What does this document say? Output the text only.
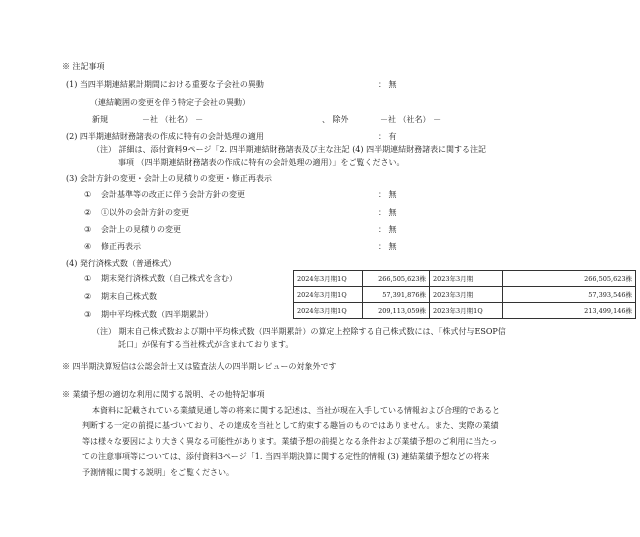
※ 注記事項
(1) 当四半期連結累計期間における重要な子会社の異動	： 無
（連結範囲の変更を伴う特定子会社の異動）
新規	－社 （社名） －	、 除外	－社 （社名） －
(2) 四半期連結財務諸表の作成に特有の会計処理の適用	： 有
（注） 詳細は、添付資料9ページ「2. 四半期連結財務諸表及び主な注記 (4) 四半期連結財務諸表に関する注記
事項 （四半期連結財務諸表の作成に特有の会計処理の適用）」をご覧ください。
(3) 会計方針の変更・会計上の見積りの変更・修正再表示
① 会計基準等の改正に伴う会計方針の変更	： 無
② ①以外の会計方針の変更	： 無
③ 会計上の見積りの変更	： 無
④ 修正再表示	： 無
(4) 発行済株式数（普通株式）
① 期末発行済株式数（自己株式を含む）
② 期末自己株式数
③ 期中平均株式数（四半期累計）
2024年3月期1Q	266,505,623株	2023年3月期	266,505,623株
2024年3月期1Q	57,391,876株	2023年3月期	57,393,546株
2024年3月期1Q	209,113,059株	2023年3月期1Q	213,499,146株
（注） 期末自己株式数および期中平均株式数（四半期累計）の算定上控除する自己株式数には、「株式付与ESOP信
託口」が保有する当社株式が含まれております。
※ 四半期決算短信は公認会計士又は監査法人の四半期レビューの対象外です
※ 業績予想の適切な利用に関する説明、その他特記事項
本資料に記載されている業績見通し等の将来に関する記述は、当社が現在入手している情報および合理的であると
判断する一定の前提に基づいており、その達成を当社として約束する趣旨のものではありません。また、実際の業績
等は様々な要因により大きく異なる可能性があります。業績予想の前提となる条件および業績予想のご利用に当たっ
ての注意事項等については、添付資料3ページ「1. 当四半期決算に関する定性的情報 (3) 連結業績予想などの将来
予測情報に関する説明」をご覧ください。
